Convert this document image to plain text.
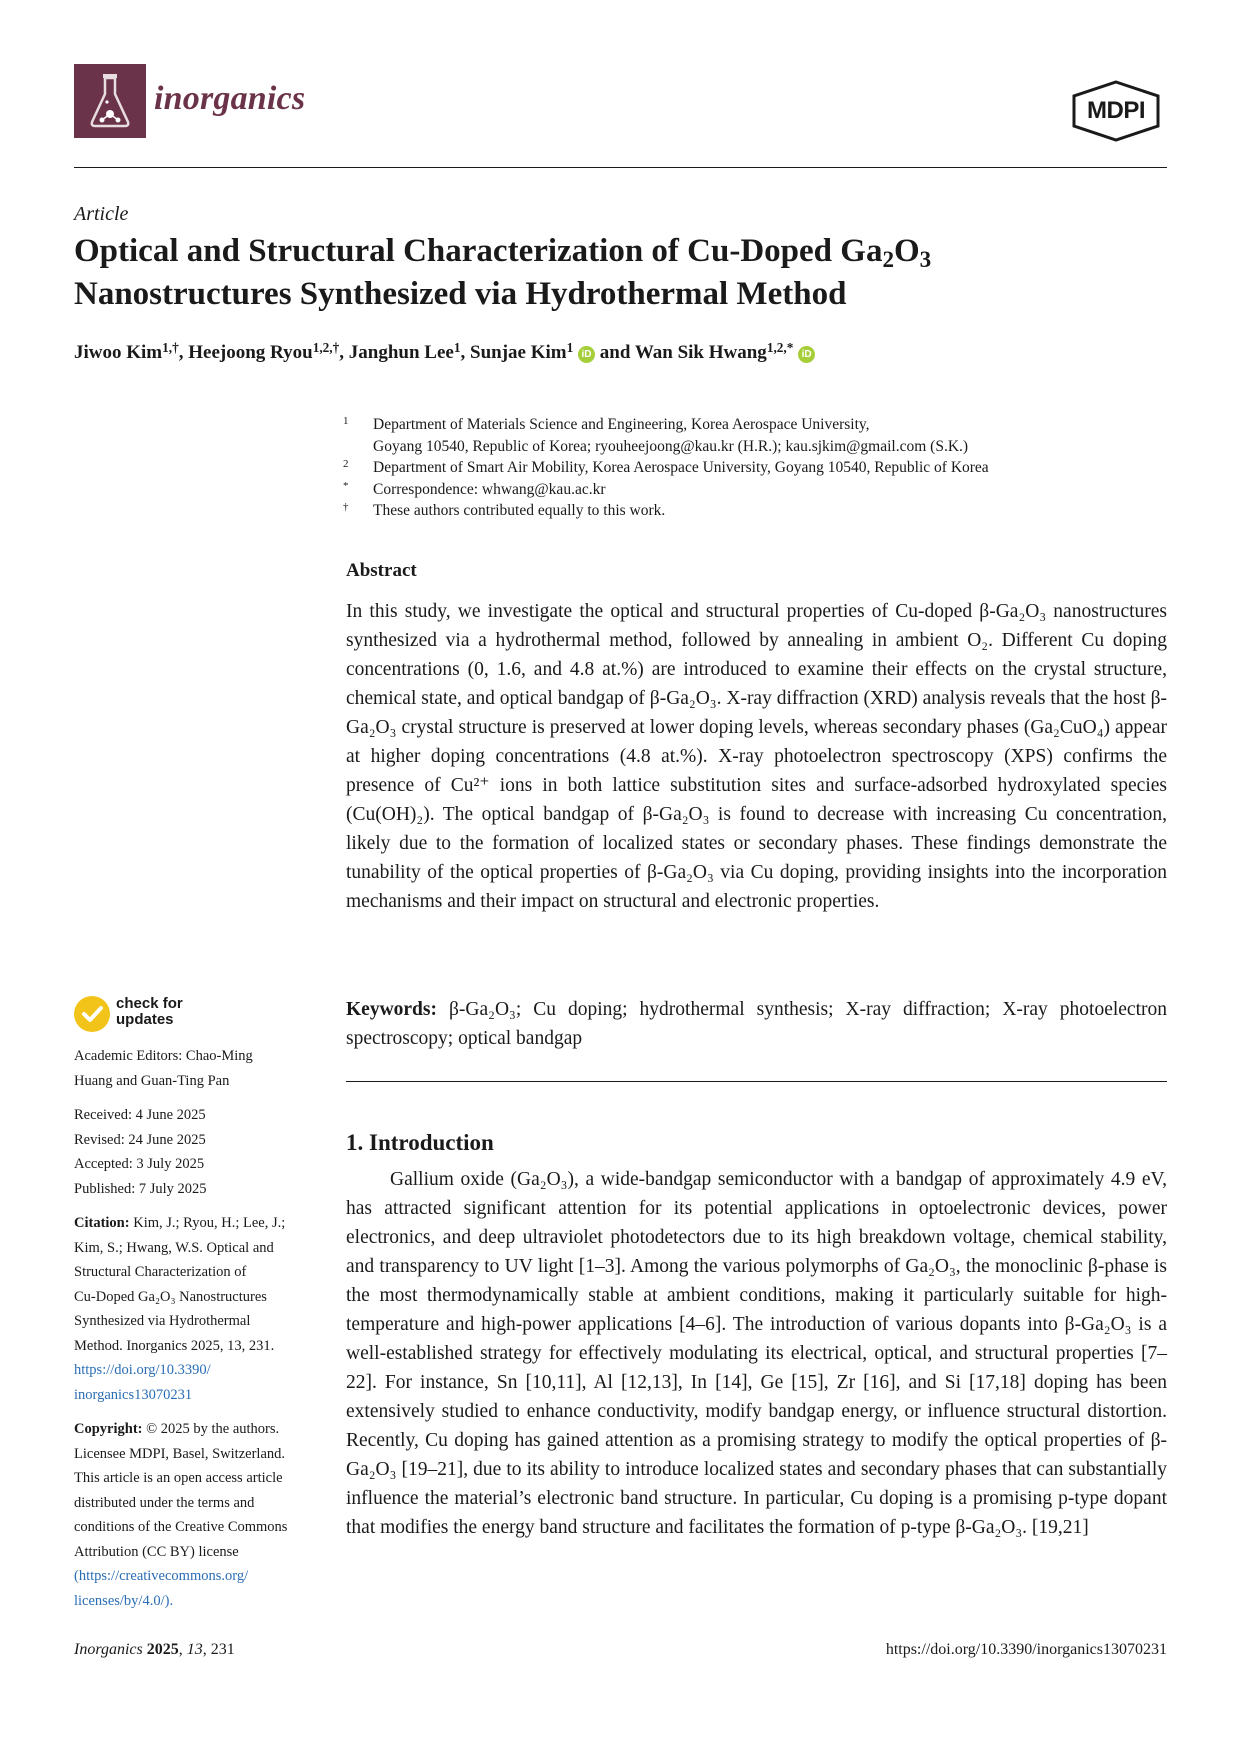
inorganics	MDPI
Article
Optical and Structural Characterization of Cu-Doped $Ga_2O_3$
Nanostructures Synthesized via Hydrothermal Method
Jiwoo Kim$^{1,\dagger}$, Heejoong Ryou$^{1,2,\dagger}$, Janghun Lee$^1$, Sunjae Kim$^1$ iD and Wan Sik Hwang$^{1,2,*}$ iD
1 Department of Materials Science and Engineering, Korea Aerospace University,
Goyang 10540, Republic of Korea; ryouheejoong@kau.kr (H.R.); kau.sjkim@gmail.com (S.K.)
2 Department of Smart Air Mobility, Korea Aerospace University, Goyang 10540, Republic of Korea
* Correspondence: whwang@kau.ac.kr
† These authors contributed equally to this work.
Abstract
In this study, we investigate the optical and structural properties of Cu-doped β-Ga₂O₃ nanostructures synthesized via a hydrothermal method, followed by annealing in ambient O₂. Different Cu doping concentrations (0, 1.6, and 4.8 at.%) are introduced to examine their effects on the crystal structure, chemical state, and optical bandgap of β-Ga₂O₃. X-ray diffraction (XRD) analysis reveals that the host β-Ga₂O₃ crystal structure is preserved at lower doping levels, whereas secondary phases (Ga₂CuO₄) appear at higher doping concentrations (4.8 at.%). X-ray photoelectron spectroscopy (XPS) confirms the presence of Cu²⁺ ions in both lattice substitution sites and surface-adsorbed hydroxylated species (Cu(OH)₂). The optical bandgap of β-Ga₂O₃ is found to decrease with increasing Cu concentration, likely due to the formation of localized states or secondary phases. These findings demonstrate the tunability of the optical properties of β-Ga₂O₃ via Cu doping, providing insights into the incorporation mechanisms and their impact on structural and electronic properties.
Keywords: β-Ga₂O₃; Cu doping; hydrothermal synthesis; X-ray diffraction; X-ray photoelectron spectroscopy; optical bandgap
1. Introduction
Gallium oxide (Ga₂O₃), a wide-bandgap semiconductor with a bandgap of approximately 4.9 eV, has attracted significant attention for its potential applications in optoelectronic devices, power electronics, and deep ultraviolet photodetectors due to its high breakdown voltage, chemical stability, and transparency to UV light [1–3]. Among the various polymorphs of Ga₂O₃, the monoclinic β-phase is the most thermodynamically stable at ambient conditions, making it particularly suitable for high-temperature and high-power applications [4–6]. The introduction of various dopants into β-Ga₂O₃ is a well-established strategy for effectively modulating its electrical, optical, and structural properties [7–22]. For instance, Sn [10,11], Al [12,13], In [14], Ge [15], Zr [16], and Si [17,18] doping has been extensively studied to enhance conductivity, modify bandgap energy, or influence structural distortion. Recently, Cu doping has gained attention as a promising strategy to modify the optical properties of β-Ga₂O₃ [19–21], due to its ability to introduce localized states and secondary phases that can substantially influence the material’s electronic band structure. In particular, Cu doping is a promising p-type dopant that modifies the energy band structure and facilitates the formation of p-type β-Ga₂O₃. [19,21]
check for
updates
Academic Editors: Chao-Ming
Huang and Guan-Ting Pan
Received: 4 June 2025
Revised: 24 June 2025
Accepted: 3 July 2025
Published: 7 July 2025
Citation: Kim, J.; Ryou, H.; Lee, J.;
Kim, S.; Hwang, W.S. Optical and
Structural Characterization of
Cu-Doped Ga₂O₃ Nanostructures
Synthesized via Hydrothermal
Method. Inorganics 2025, 13, 231.
https://doi.org/10.3390/
inorganics13070231
Copyright: © 2025 by the authors.
Licensee MDPI, Basel, Switzerland.
This article is an open access article
distributed under the terms and
conditions of the Creative Commons
Attribution (CC BY) license
(https://creativecommons.org/
licenses/by/4.0/).
Inorganics 2025, 13, 231	https://doi.org/10.3390/inorganics13070231
